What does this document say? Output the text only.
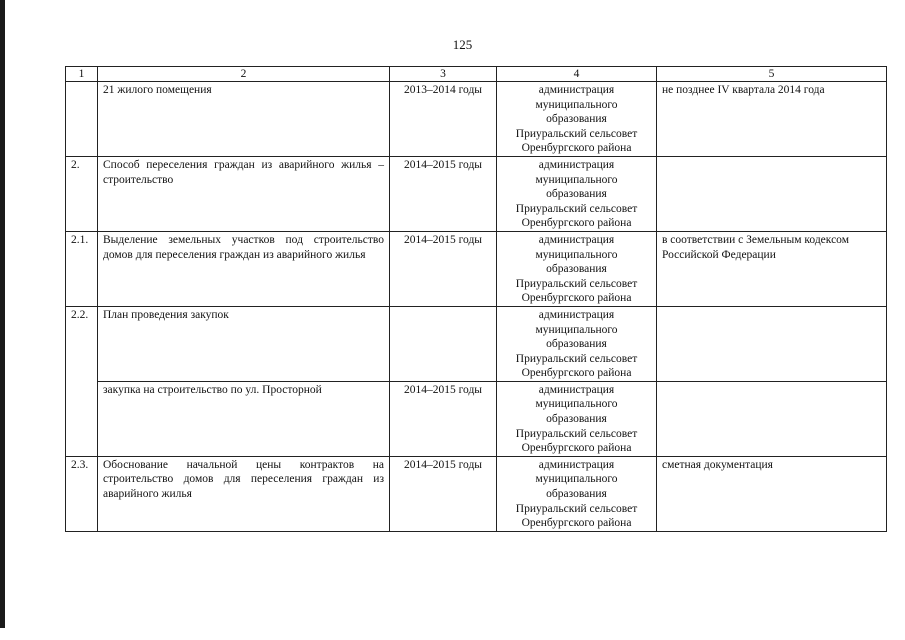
125
1	2	3	4	5
	21 жилого помещения	2013–2014 годы	администрация
муниципального
образования
Приуральский сельсовет
Оренбургского района	не позднее IV квартала 2014 года
2.	Способ переселения граждан из аварийного жилья – строительство	2014–2015 годы	администрация
муниципального
образования
Приуральский сельсовет
Оренбургского района	

2.1.	Выделение земельных участков под строительство домов для переселения граждан из аварийного жилья	2014–2015 годы	администрация
муниципального
образования
Приуральский сельсовет
Оренбургского района	в соответствии с Земельным кодексом Российской Федерации
2.2.	План проведения закупок		администрация
муниципального
образования
Приуральский сельсовет
Оренбургского района	

	закупка на строительство по ул. Просторной	2014–2015 годы	администрация
муниципального
образования
Приуральский сельсовет
Оренбургского района	

2.3.	Обоснование начальной цены контрактов на строительство домов для переселения граждан из аварийного жилья	2014–2015 годы	администрация
муниципального
образования
Приуральский сельсовет
Оренбургского района	сметная документация
